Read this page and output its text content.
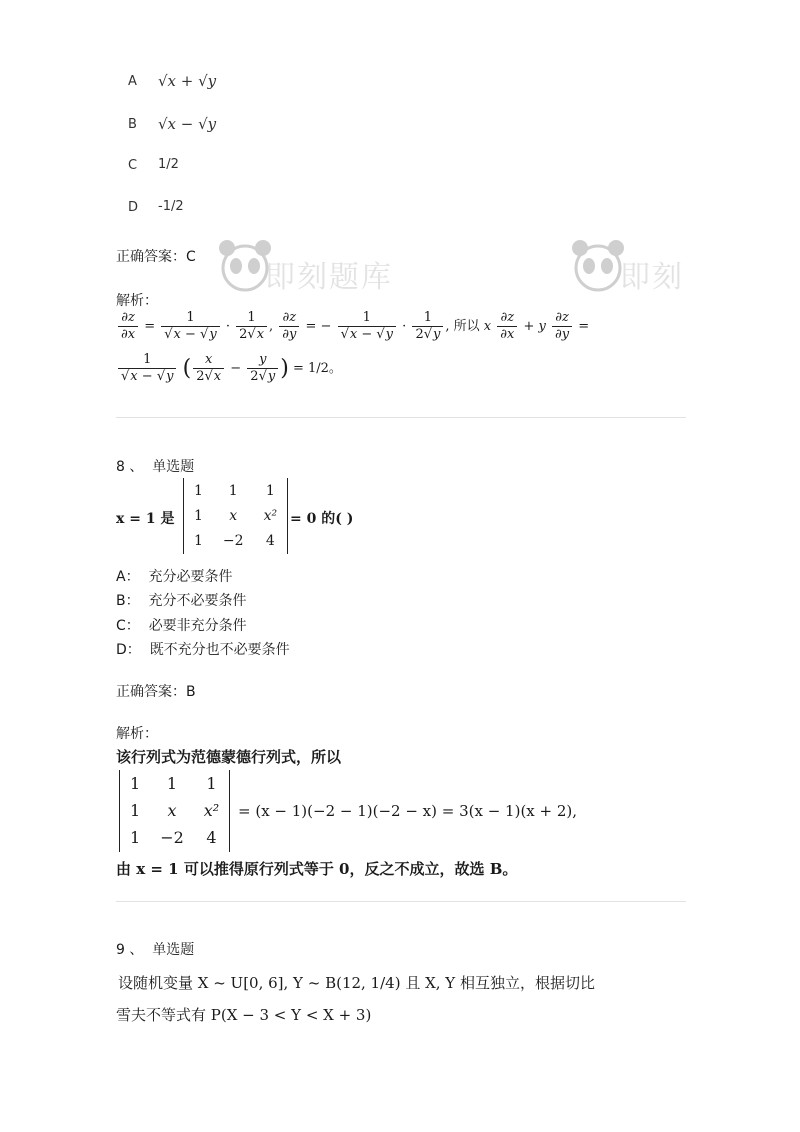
A √x + √y
B √x − √y
C 1/2
D -1/2
正确答案：C
即刻题库	即刻
解析：
$\frac{\partial z}{\partial x} = \frac{1}{√x - √y} \cdot \frac{1}{2√x}$ , $\frac{\partial z}{\partial y}$ = − $\frac{1}{√x - √y} \cdot \frac{1}{2√y}$ , 所以 x $\frac{\partial z}{\partial x} + y \frac{\partial z}{\partial y}$ =
$\frac{1}{√x - √y}$ ( $\frac{x}{2√x} - \frac{y}{2√y}$ ) = 1/2。
8 、 单选题
x = 1 是
1	1	1
1	x	x²
1	−2	4
= 0 的( )
A： 充分必要条件
B： 充分不必要条件
C： 必要非充分条件
D： 既不充分也不必要条件
正确答案：B
解析：
该行列式为范德蒙德行列式，所以
1	1	1
1	x	x²
1	−2	4
= (x − 1)(−2 − 1)(−2 − x) = 3(x − 1)(x + 2),
由 x = 1 可以推得原行列式等于 0，反之不成立，故选 B。
9 、 单选题
设随机变量 X ~ U[0, 6], Y ~ B(12, 1/4) 且 X, Y 相互独立，根据切比
雪夫不等式有 P(X − 3 < Y < X + 3)
